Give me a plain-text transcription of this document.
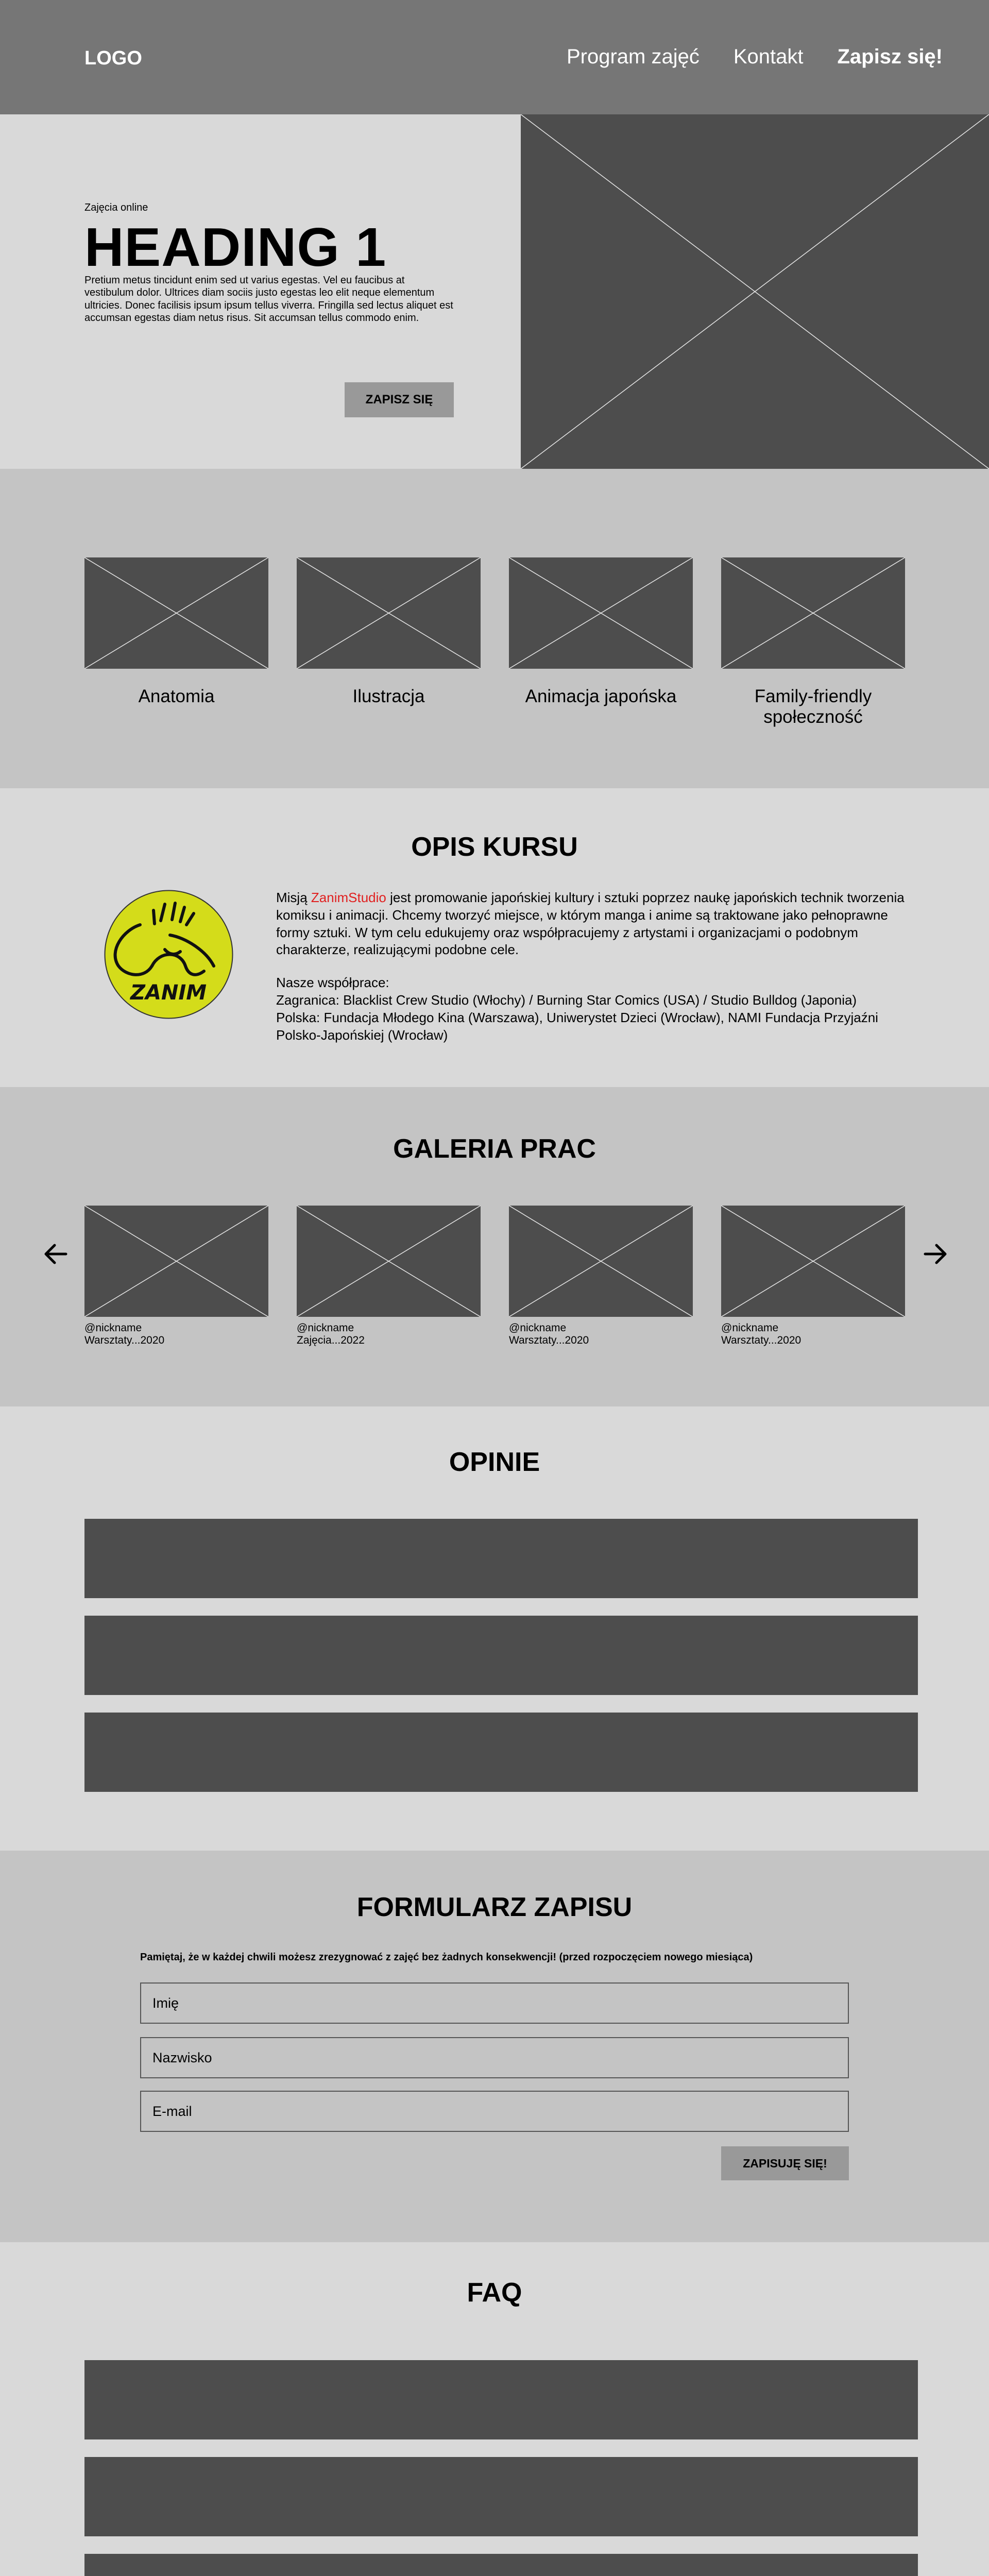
LOGO	Program zajęć Kontakt Zapisz się!
Zajęcia online
HEADING 1

Pretium metus tincidunt enim sed ut varius egestas. Vel eu faucibus at vestibulum dolor. Ultrices diam sociis justo egestas leo elit neque elementum ultricies. Donec facilisis ipsum ipsum tellus viverra. Fringilla sed lectus aliquet est accumsan egestas diam netus risus. Sit accumsan tellus commodo enim.

ZAPISZ SIĘ
Anatomia	Ilustracja	Animacja japońska	Family-friendly społeczność
OPIS KURSU
ZANIM

Misją ZanimStudio jest promowanie japońskiej kultury i sztuki poprzez naukę japońskich technik tworzenia komiksu i animacji. Chcemy tworzyć miejsce, w którym manga i anime są traktowane jako pełnoprawne formy sztuki. W tym celu edukujemy oraz współpracujemy z artystami i organizacjami o podobnym charakterze, realizującymi podobne cele.

Nasze współprace:
Zagranica: Blacklist Crew Studio (Włochy) / Burning Star Comics (USA) / Studio Bulldog (Japonia)
Polska: Fundacja Młodego Kina (Warszawa), Uniwerystet Dzieci (Wrocław), NAMI Fundacja Przyjaźni Polsko-Japońskiej (Wrocław)

GALERIA PRAC
@nickname
Warsztaty...2020
@nickname
Zajęcia...2022
@nickname
Warsztaty...2020
@nickname
Warsztaty...2020
OPINIE
FORMULARZ ZAPISU
Pamiętaj, że w każdej chwili możesz zrezygnować z zajęć bez żadnych konsekwencji! (przed rozpoczęciem nowego miesiąca)
Imię
Nazwisko
E-mail
ZAPISUJĘ SIĘ!
FAQ
